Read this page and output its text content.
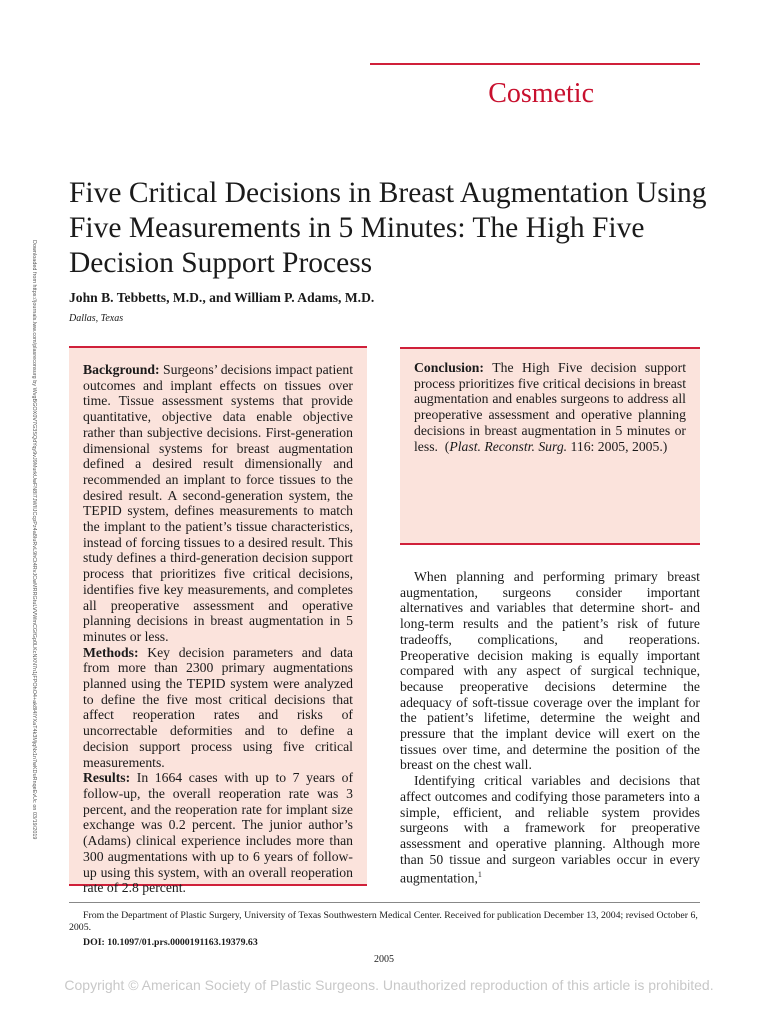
Cosmetic
Five Critical Decisions in Breast Augmentation Using Five Measurements in 5 Minutes: The High Five Decision Support Process
John B. Tebbetts, M.D., and William P. Adams, M.D.
Dallas, Texas
Downloaded from https://journals.lww.com/plasreconsurg by WvgBGOX0V7G3SQdYqy9vJ9MurkUwFN8I7JWIIJCcpPz4a8IuRvL9hCt4RvJCwMRRGtuLVVWmCGfGp0LKcNXN7n1jFPOhO4+ak8l4IYXaT4k3MjqNx1n7wKDuRnqeEvUc on 03/19/2019	Background: Surgeons’ decisions impact patient outcomes and implant effects on tissues over time. Tissue assessment systems that provide quantitative, objective data enable objective rather than subjective decisions. First-generation dimensional systems for breast augmentation defined a desired result dimensionally and recommended an implant to force tissues to the desired result. A second-generation system, the TEPID system, defines measurements to match the implant to the patient’s tissue characteristics, instead of forcing tissues to a desired result. This study defines a third-generation decision support process that prioritizes five critical decisions, identifies five key measurements, and completes all preoperative assessment and operative planning decisions in breast augmentation in 5 minutes or less.

Methods: Key decision parameters and data from more than 2300 primary augmentations planned using the TEPID system were analyzed to define the five most critical decisions that affect reoperation rates and risks of uncorrectable deformities and to define a decision support process using five critical measurements.

Results: In 1664 cases with up to 7 years of follow-up, the overall reoperation rate was 3 percent, and the reoperation rate for implant size exchange was 0.2 percent. The junior author’s (Adams) clinical experience includes more than 300 augmentations with up to 6 years of follow-up using this system, with an overall reoperation rate of 2.8 percent.

Conclusion: The High Five decision support process prioritizes five critical decisions in breast augmentation and enables surgeons to address all preoperative assessment and operative planning decisions in breast augmentation in 5 minutes or less.  (Plast. Reconstr. Surg. 116: 2005, 2005.)

When planning and performing primary breast augmentation, surgeons consider important alternatives and variables that determine short- and long-term results and the patient’s risk of future tradeoffs, complications, and reoperations. Preoperative decision making is equally important compared with any aspect of surgical technique, because preoperative decisions determine the adequacy of soft-tissue coverage over the implant for the patient’s lifetime, determine the weight and pressure that the implant device will exert on the tissues over time, and determine the position of the breast on the chest wall.

Identifying critical variables and decisions that affect outcomes and codifying those parameters into a simple, efficient, and reliable system provides surgeons with a framework for preoperative assessment and operative planning. Although more than 50 tissue and surgeon variables occur in every augmentation,$^1$

From the Department of Plastic Surgery, University of Texas Southwestern Medical Center. Received for publication December 13, 2004; revised October 6, 2005.
DOI: 10.1097/01.prs.0000191163.19379.63
2005
Copyright © American Society of Plastic Surgeons. Unauthorized reproduction of this article is prohibited.
